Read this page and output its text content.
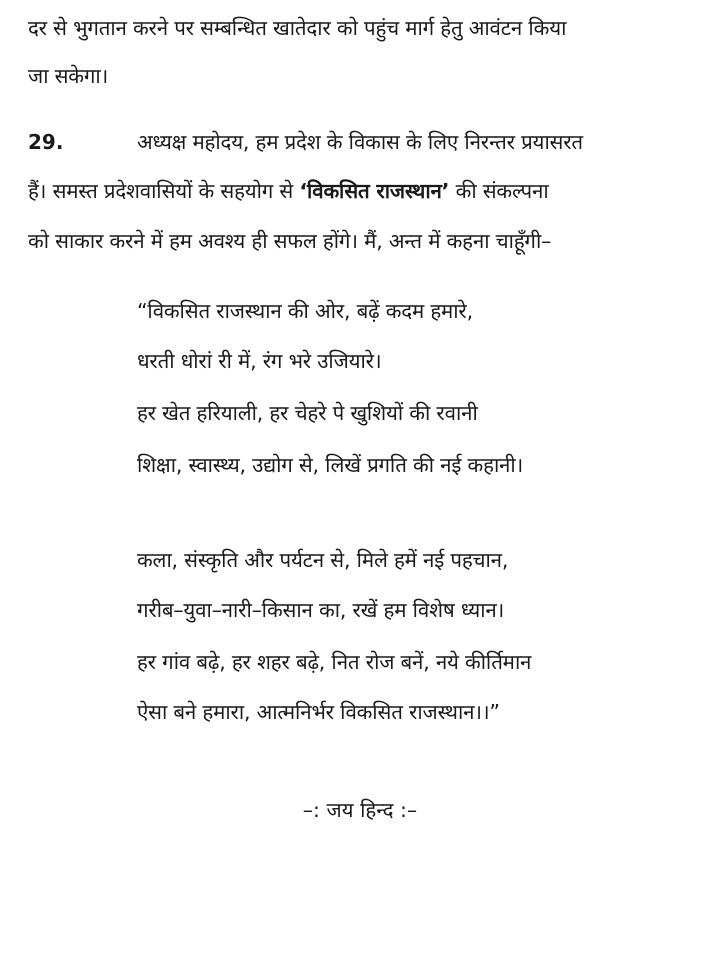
दर से भुगतान करने पर सम्बन्धित खातेदार को पहुंच मार्ग हेतु आवंटन किया
जा सकेगा।
29.	अध्यक्ष महोदय, हम प्रदेश के विकास के लिए निरन्तर प्रयासरत
हैं। समस्त प्रदेशवासियों के सहयोग से ‘विकसित राजस्थान’ की संकल्पना
को साकार करने में हम अवश्य ही सफल होंगे। मैं, अन्त में कहना चाहूँगी–
“विकसित राजस्थान की ओर, बढ़ें कदम हमारे,
धरती धोरां री में, रंग भरे उजियारे।
हर खेत हरियाली, हर चेहरे पे खुशियों की रवानी
शिक्षा, स्वास्थ्य, उद्योग से, लिखें प्रगति की नई कहानी।
कला, संस्कृति और पर्यटन से, मिले हमें नई पहचान,
गरीब–युवा–नारी–किसान का, रखें हम विशेष ध्यान।
हर गांव बढ़े, हर शहर बढ़े, नित रोज बनें, नये कीर्तिमान
ऐसा बने हमारा, आत्मनिर्भर विकसित राजस्थान।।”
–: जय हिन्द :–
